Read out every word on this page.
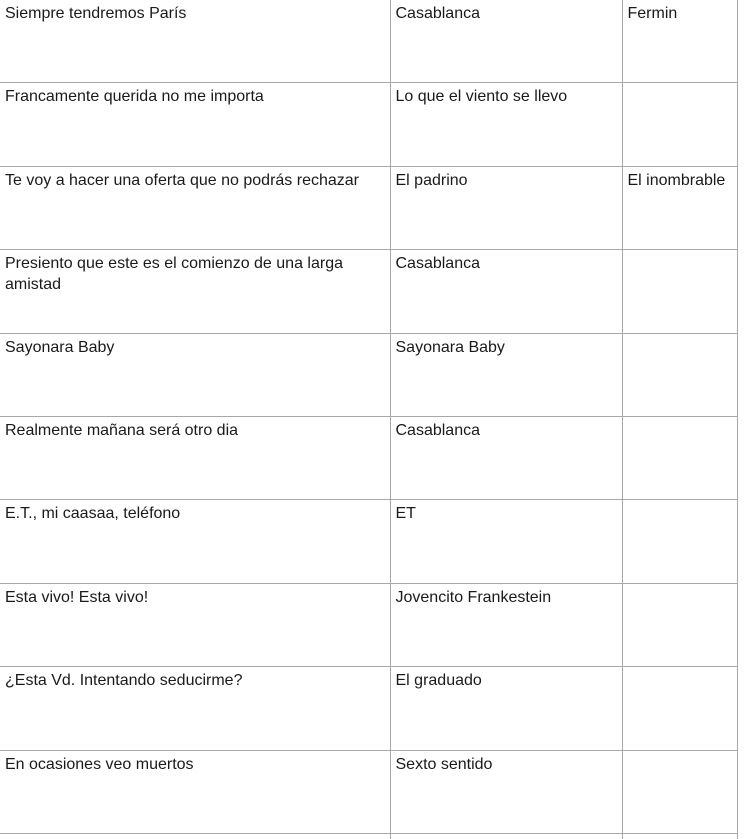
Siempre tendremos París	Casablanca	Fermin
Francamente querida no me importa	Lo que el viento se llevo	
Te voy a hacer una oferta que no podrás rechazar	El padrino	El inombrable
Presiento que este es el comienzo de una larga amistad	Casablanca	
Sayonara Baby	Sayonara Baby	
Realmente mañana será otro dia	Casablanca	
E.T., mi caasaa, teléfono	ET	
Esta vivo! Esta vivo!	Jovencito Frankestein	
¿Esta Vd. Intentando seducirme?	El graduado	
En ocasiones veo muertos	Sexto sentido	
